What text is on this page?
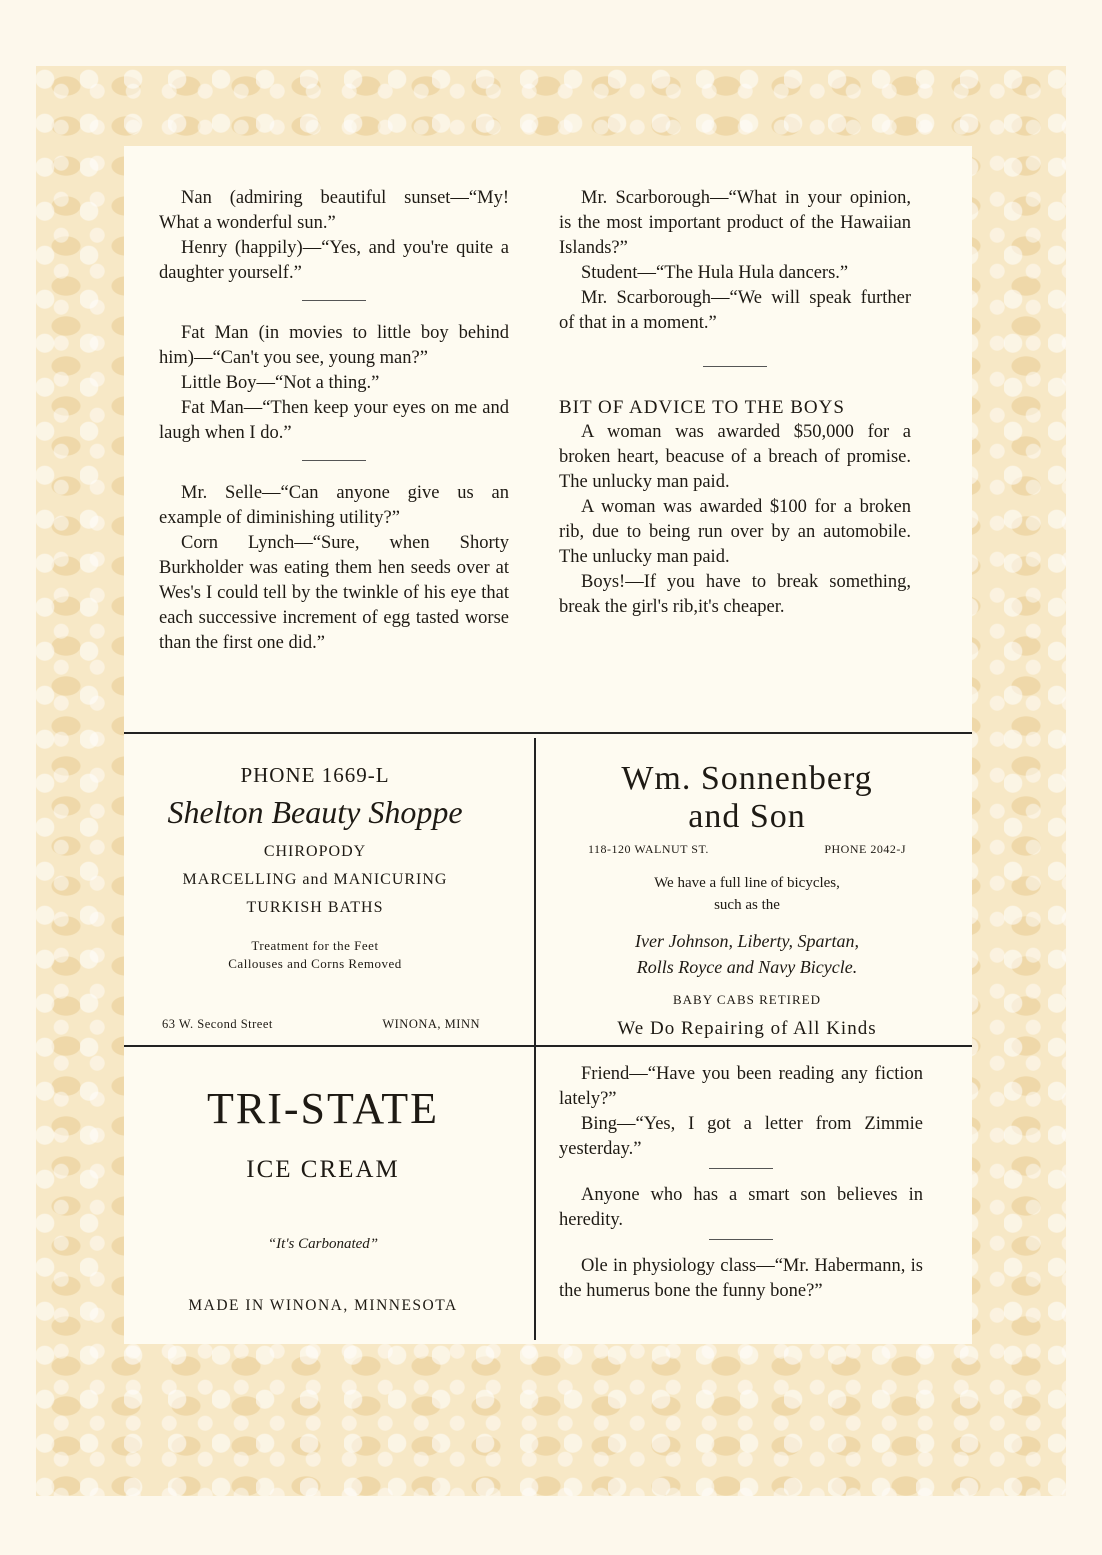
Nan (admiring beautiful sunset—“My! What a wonderful sun.”

Henry (happily)—“Yes, and you're quite a daughter yourself.”

Fat Man (in movies to little boy behind him)—“Can't you see, young man?”

Little Boy—“Not a thing.”

Fat Man—“Then keep your eyes on me and laugh when I do.”

Mr. Selle—“Can anyone give us an example of diminishing utility?”

Corn Lynch—“Sure, when Shorty Burkholder was eating them hen seeds over at Wes's I could tell by the twinkle of his eye that each successive increment of egg tasted worse than the first one did.”

Mr. Scarborough—“What in your opinion, is the most important product of the Hawaiian Islands?”

Student—“The Hula Hula dancers.”

Mr. Scarborough—“We will speak further of that in a moment.”

BIT OF ADVICE TO THE BOYS

A woman was awarded $50,000 for a broken heart, beacuse of a breach of promise. The unlucky man paid.

A woman was awarded $100 for a broken rib, due to being run over by an automobile. The unlucky man paid.

Boys!—If you have to break something, break the girl's rib,it's cheaper.

PHONE 1669-L
Shelton Beauty Shoppe
CHIROPODY
MARCELLING and MANICURING
TURKISH BATHS
Treatment for the Feet
Callouses and Corns Removed
63 W. Second Street	WINONA, MINN
Wm. Sonnenberg
and Son
118-120 WALNUT ST.	PHONE 2042-J
We have a full line of bicycles,
such as the
Iver Johnson, Liberty, Spartan,
Rolls Royce and Navy Bicycle.
BABY CABS RETIRED
We Do Repairing of All Kinds
TRI-STATE
ICE CREAM
“It's Carbonated”
MADE IN WINONA, MINNESOTA

Friend—“Have you been reading any fiction lately?”

Bing—“Yes, I got a letter from Zimmie yesterday.”

Anyone who has a smart son believes in heredity.

Ole in physiology class—“Mr. Habermann, is the humerus bone the funny bone?”
